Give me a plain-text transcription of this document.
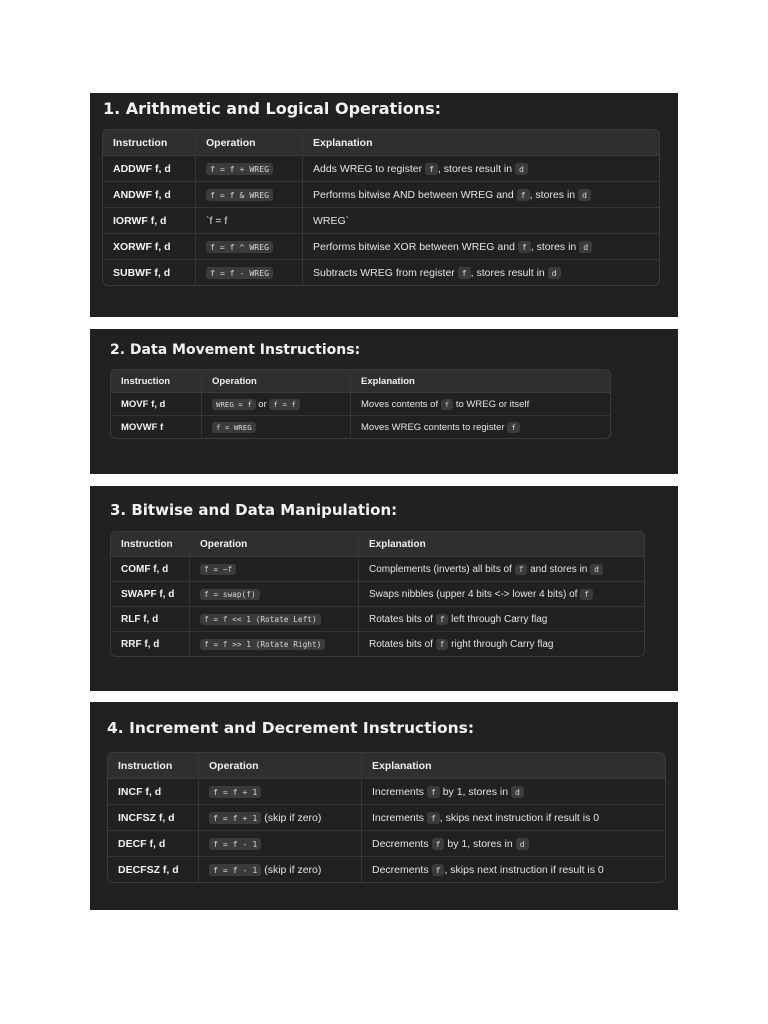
1. Arithmetic and Logical Operations:
Instruction	Operation	Explanation
ADDWF f, d	f = f + WREG	Adds WREG to register f , stores result in d
ANDWF f, d	f = f & WREG	Performs bitwise AND between WREG and f , stores in d
IORWF f, d	`f = f	WREG`
XORWF f, d	f = f ^ WREG	Performs bitwise XOR between WREG and f , stores in d
SUBWF f, d	f = f - WREG	Subtracts WREG from register f , stores result in d
2. Data Movement Instructions:
Instruction	Operation	Explanation
MOVF f, d	WREG = f or f = f	Moves contents of f to WREG or itself
MOVWF f	f = WREG	Moves WREG contents to register f
3. Bitwise and Data Manipulation:
Instruction	Operation	Explanation
COMF f, d	f = ~f	Complements (inverts) all bits of f and stores in d
SWAPF f, d	f = swap(f)	Swaps nibbles (upper 4 bits <-> lower 4 bits) of f
RLF f, d	f = f << 1 (Rotate Left)	Rotates bits of f left through Carry flag
RRF f, d	f = f >> 1 (Rotate Right)	Rotates bits of f right through Carry flag
4. Increment and Decrement Instructions:
Instruction	Operation	Explanation
INCF f, d	f = f + 1	Increments f by 1, stores in d
INCFSZ f, d	f = f + 1 (skip if zero)	Increments f , skips next instruction if result is 0
DECF f, d	f = f - 1	Decrements f by 1, stores in d
DECFSZ f, d	f = f - 1 (skip if zero)	Decrements f , skips next instruction if result is 0
